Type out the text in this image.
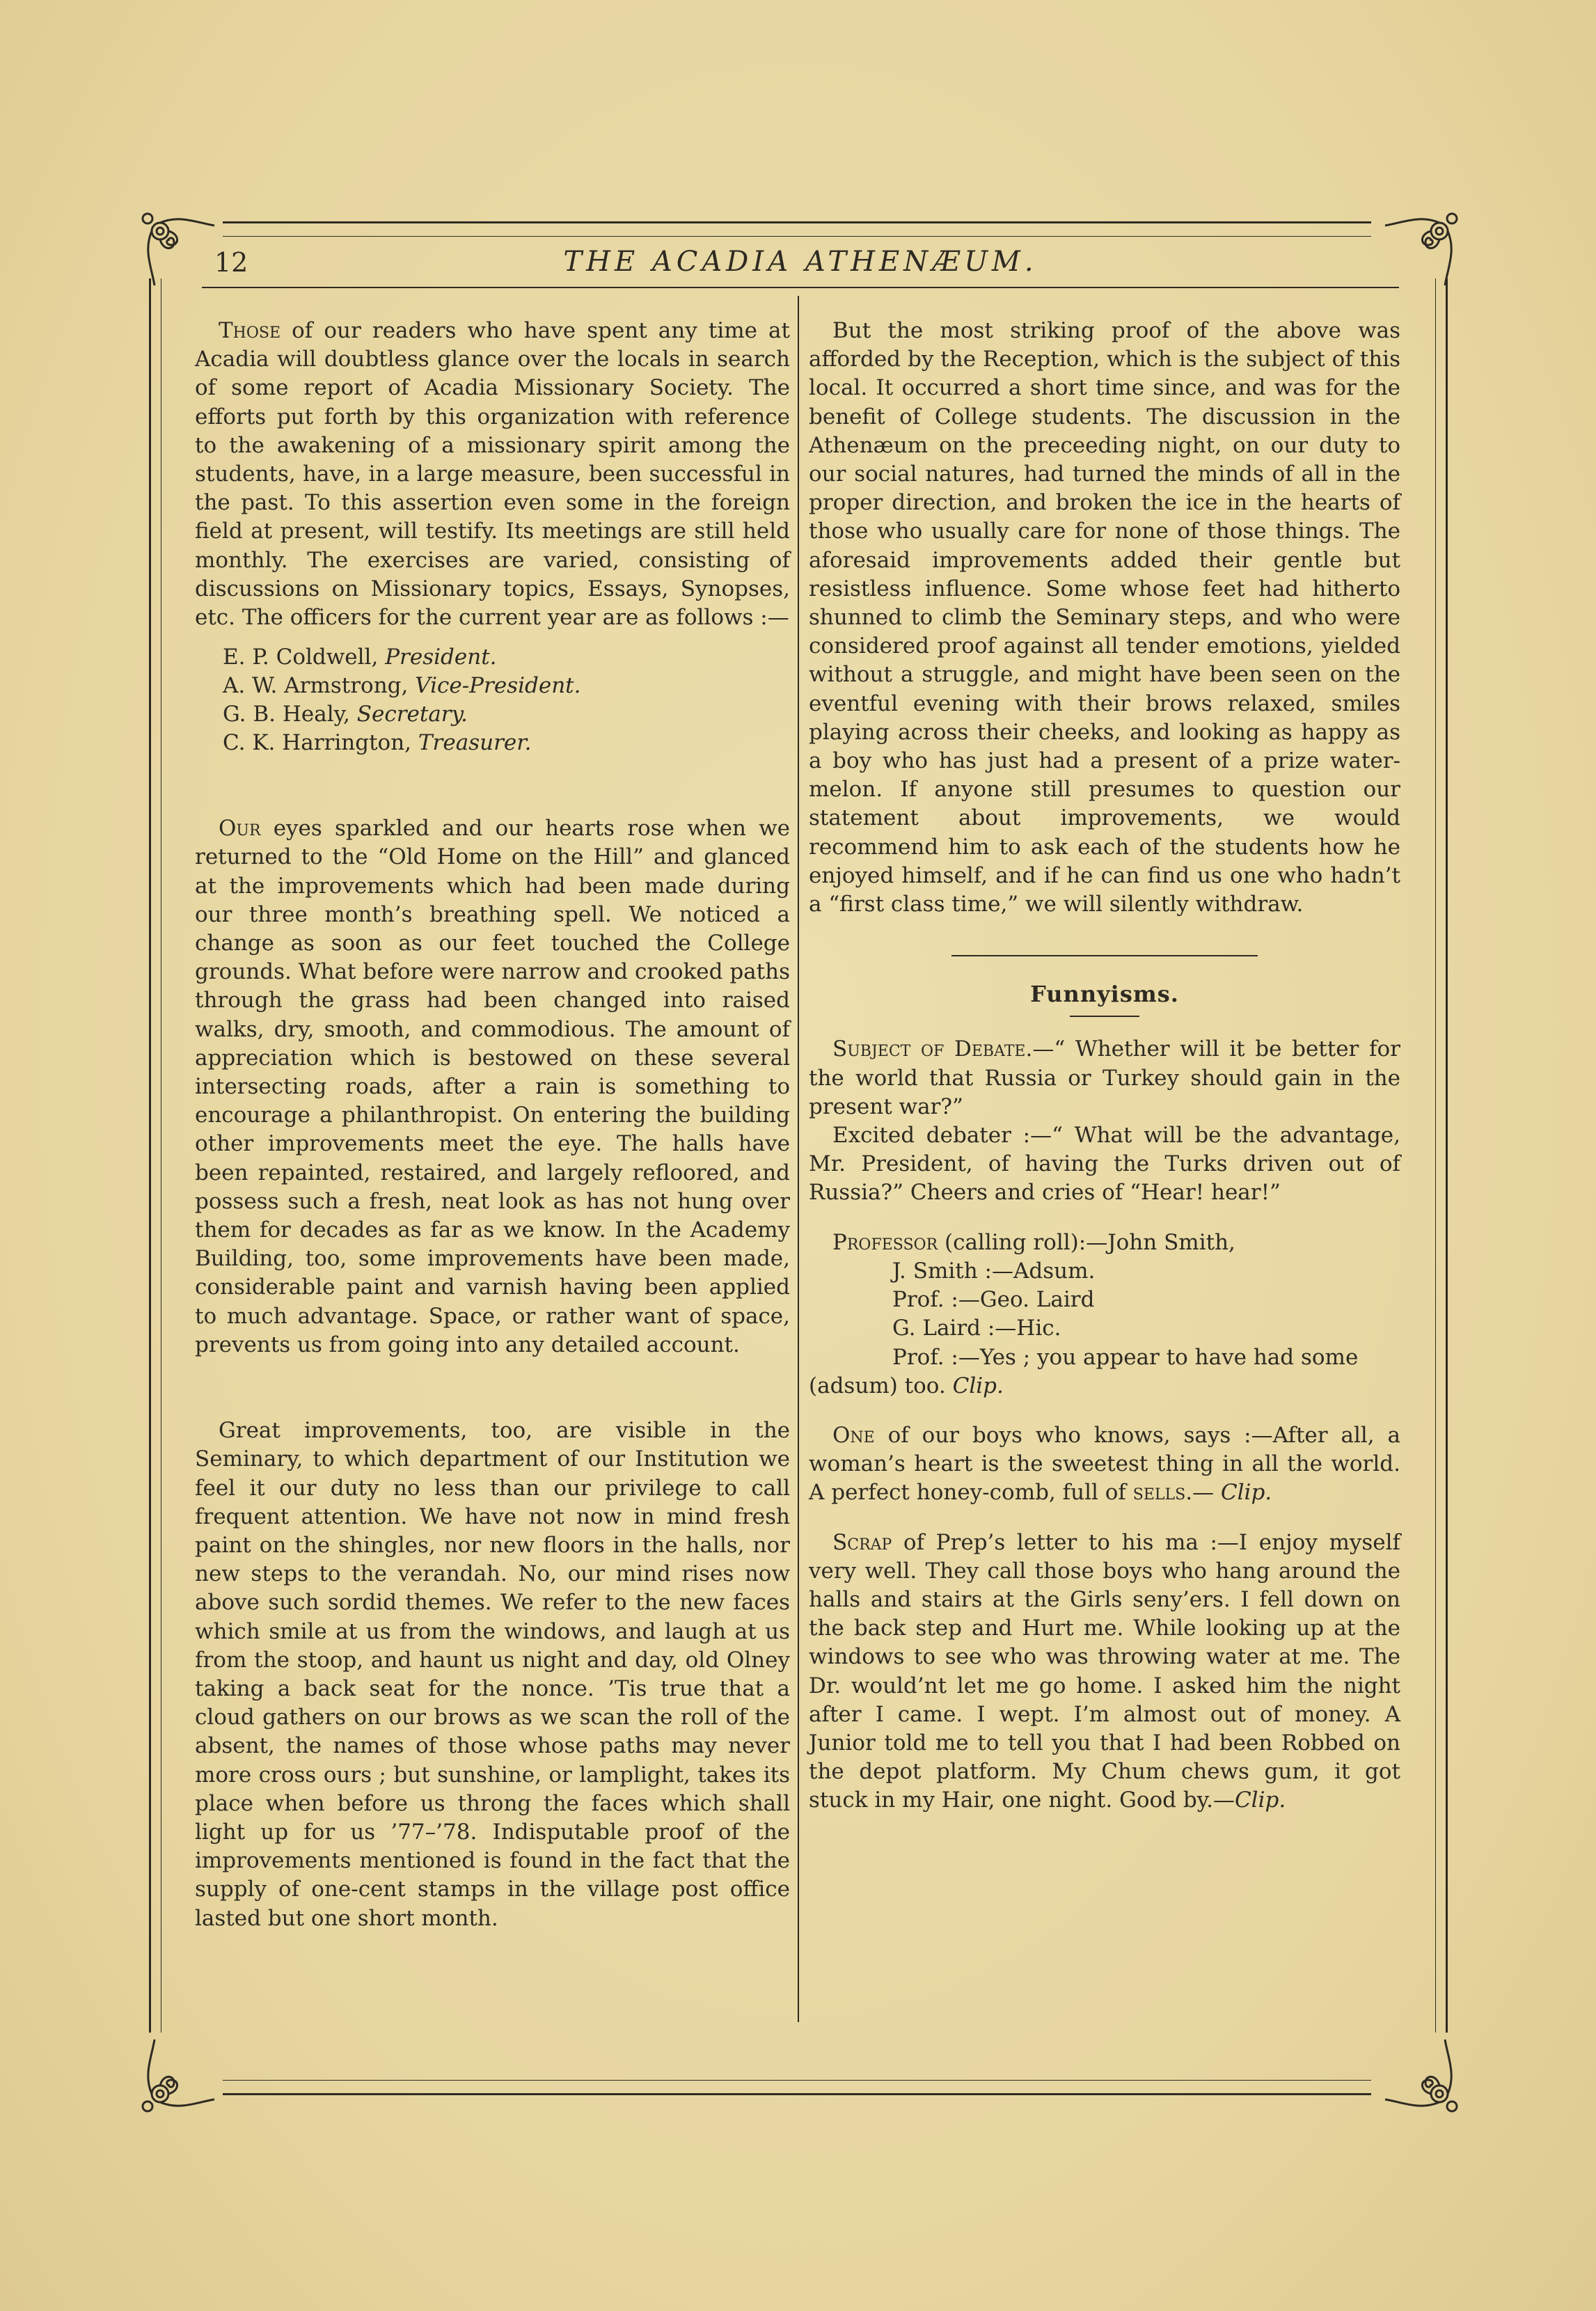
12	THE ACADIA ATHENÆUM.

Those of our readers who have spent any time at Acadia will doubtless glance over the locals in search of some report of Acadia Missionary Society. The efforts put forth by this organization with reference to the awakening of a missionary spirit among the students, have, in a large measure, been successful in the past. To this assertion even some in the foreign field at present, will testify. Its meetings are still held monthly. The exercises are varied, consisting of discussions on Missionary topics, Essays, Synopses, etc. The officers for the current year are as follows :—

E. P. Coldwell, President.
A. W. Armstrong, Vice-President.
G. B. Healy, Secretary.
C. K. Harrington, Treasurer.

Our eyes sparkled and our hearts rose when we returned to the “Old Home on the Hill” and glanced at the improvements which had been made during our three month’s breathing spell. We noticed a change as soon as our feet touched the College grounds. What before were narrow and crooked paths through the grass had been changed into raised walks, dry, smooth, and commodious. The amount of appreciation which is bestowed on these several intersecting roads, after a rain is something to encourage a philanthropist. On entering the building other improvements meet the eye. The halls have been repainted, restaired, and largely refloored, and possess such a fresh, neat look as has not hung over them for decades as far as we know. In the Academy Building, too, some improvements have been made, considerable paint and varnish having been applied to much advantage. Space, or rather want of space, prevents us from going into any detailed account.

Great improvements, too, are visible in the Seminary, to which department of our Institution we feel it our duty no less than our privilege to call frequent attention. We have not now in mind fresh paint on the shingles, nor new floors in the halls, nor new steps to the verandah. No, our mind rises now above such sordid themes. We refer to the new faces which smile at us from the windows, and laugh at us from the stoop, and haunt us night and day, old Olney taking a back seat for the nonce. ’Tis true that a cloud gathers on our brows as we scan the roll of the absent, the names of those whose paths may never more cross ours ; but sunshine, or lamplight, takes its place when before us throng the faces which shall light up for us ’77–’78. Indisputable proof of the improvements mentioned is found in the fact that the supply of one-cent stamps in the village post office lasted but one short month.

But the most striking proof of the above was afforded by the Reception, which is the subject of this local. It occurred a short time since, and was for the benefit of College students. The discussion in the Athenæum on the preceeding night, on our duty to our social natures, had turned the minds of all in the proper direction, and broken the ice in the hearts of those who usually care for none of those things. The aforesaid improvements added their gentle but resistless influence. Some whose feet had hitherto shunned to climb the Seminary steps, and who were considered proof against all tender emotions, yielded without a struggle, and might have been seen on the eventful evening with their brows relaxed, smiles playing across their cheeks, and looking as happy as a boy who has just had a present of a prize water-melon. If anyone still presumes to question our statement about improvements, we would recommend him to ask each of the students how he enjoyed himself, and if he can find us one who hadn’t a “first class time,” we will silently withdraw.

Funnyisms.

Subject of Debate.—“ Whether will it be better for the world that Russia or Turkey should gain in the present war?”

Excited debater :—“ What will be the advantage, Mr. President, of having the Turks driven out of Russia?” Cheers and cries of “Hear! hear!”

Professor (calling roll):—John Smith,

J. Smith :—Adsum.

Prof. :—Geo. Laird

G. Laird :—Hic.

Prof. :—Yes ; you appear to have had some

(adsum) too. Clip.

One of our boys who knows, says :—After all, a woman’s heart is the sweetest thing in all the world. A perfect honey-comb, full of sells.— Clip.

Scrap of Prep’s letter to his ma :—I enjoy myself very well. They call those boys who hang around the halls and stairs at the Girls seny’ers. I fell down on the back step and Hurt me. While looking up at the windows to see who was throwing water at me. The Dr. would’nt let me go home. I asked him the night after I came. I wept. I’m almost out of money. A Junior told me to tell you that I had been Robbed on the depot platform. My Chum chews gum, it got stuck in my Hair, one night. Good by.—Clip.
